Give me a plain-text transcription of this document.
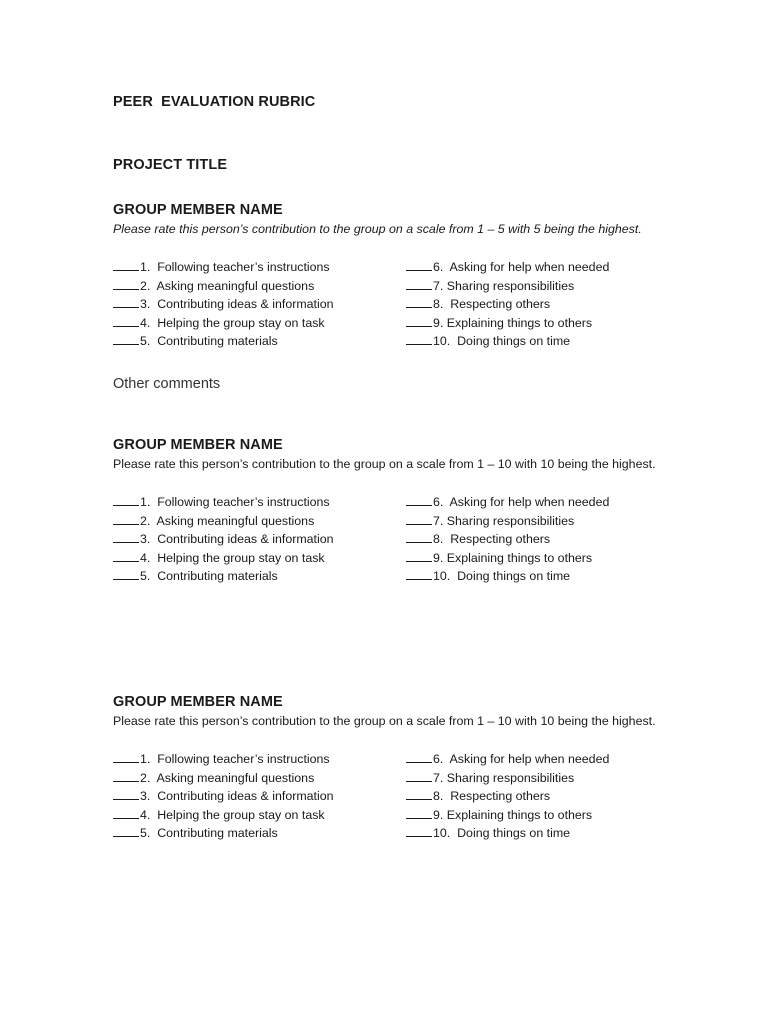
PEER  EVALUATION RUBRIC
PROJECT TITLE
GROUP MEMBER NAME

Please rate this person’s contribution to the group on a scale from 1 – 5 with 5 being the highest.

1.  Following teacher’s instructions
2.  Asking meaningful questions
3.  Contributing ideas & information
4.  Helping the group stay on task
5.  Contributing materials
6.  Asking for help when needed
7. Sharing responsibilities
8.  Respecting others
9. Explaining things to others
10.  Doing things on time
Other comments
GROUP MEMBER NAME

Please rate this person’s contribution to the group on a scale from 1 – 10 with 10 being the highest.

1.  Following teacher’s instructions
2.  Asking meaningful questions
3.  Contributing ideas & information
4.  Helping the group stay on task
5.  Contributing materials
6.  Asking for help when needed
7. Sharing responsibilities
8.  Respecting others
9. Explaining things to others
10.  Doing things on time
GROUP MEMBER NAME

Please rate this person’s contribution to the group on a scale from 1 – 10 with 10 being the highest.

1.  Following teacher’s instructions
2.  Asking meaningful questions
3.  Contributing ideas & information
4.  Helping the group stay on task
5.  Contributing materials
6.  Asking for help when needed
7. Sharing responsibilities
8.  Respecting others
9. Explaining things to others
10.  Doing things on time
